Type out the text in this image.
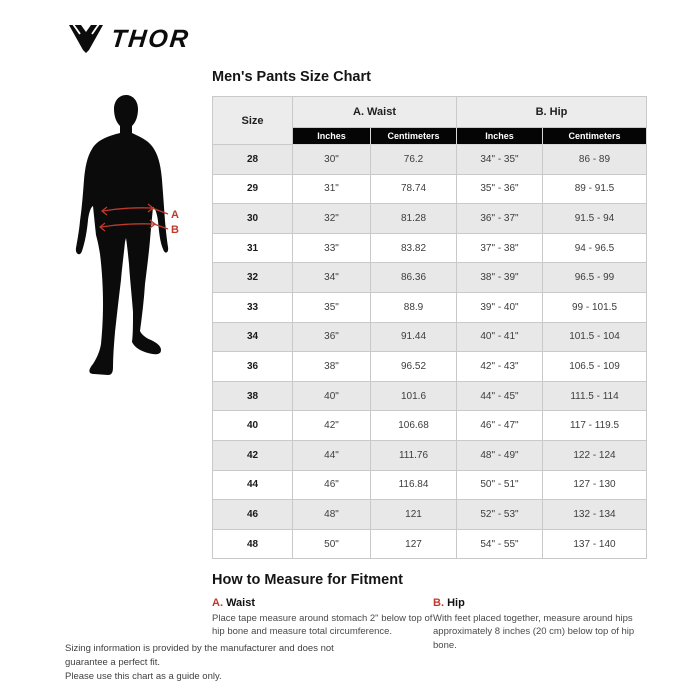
THOR
A
B
Men's Pants Size Chart
Size	A. Waist		B. Hip	
	Inches	Centimeters	Inches	Centimeters
28	30"	76.2	34" - 35"	86 - 89
29	31"	78.74	35" - 36"	89 - 91.5
30	32"	81.28	36" - 37"	91.5 - 94
31	33"	83.82	37" - 38"	94 - 96.5
32	34"	86.36	38" - 39"	96.5 - 99
33	35"	88.9	39" - 40"	99 - 101.5
34	36"	91.44	40" - 41"	101.5 - 104
36	38"	96.52	42" - 43"	106.5 - 109
38	40"	101.6	44" - 45"	111.5 - 114
40	42"	106.68	46" - 47"	117 - 119.5
42	44"	111.76	48" - 49"	122 - 124
44	46"	116.84	50" - 51"	127 - 130
46	48"	121	52" - 53"	132 - 134
48	50"	127	54" - 55"	137 - 140
How to Measure for Fitment
A. Waist
Place tape measure around stomach 2" below top of hip bone and measure total circumference.
B. Hip
With feet placed together, measure around hips approximately 8 inches (20 cm) below top of hip bone.
Sizing information is provided by the manufacturer and does not guarantee a perfect fit.
Please use this chart as a guide only.
